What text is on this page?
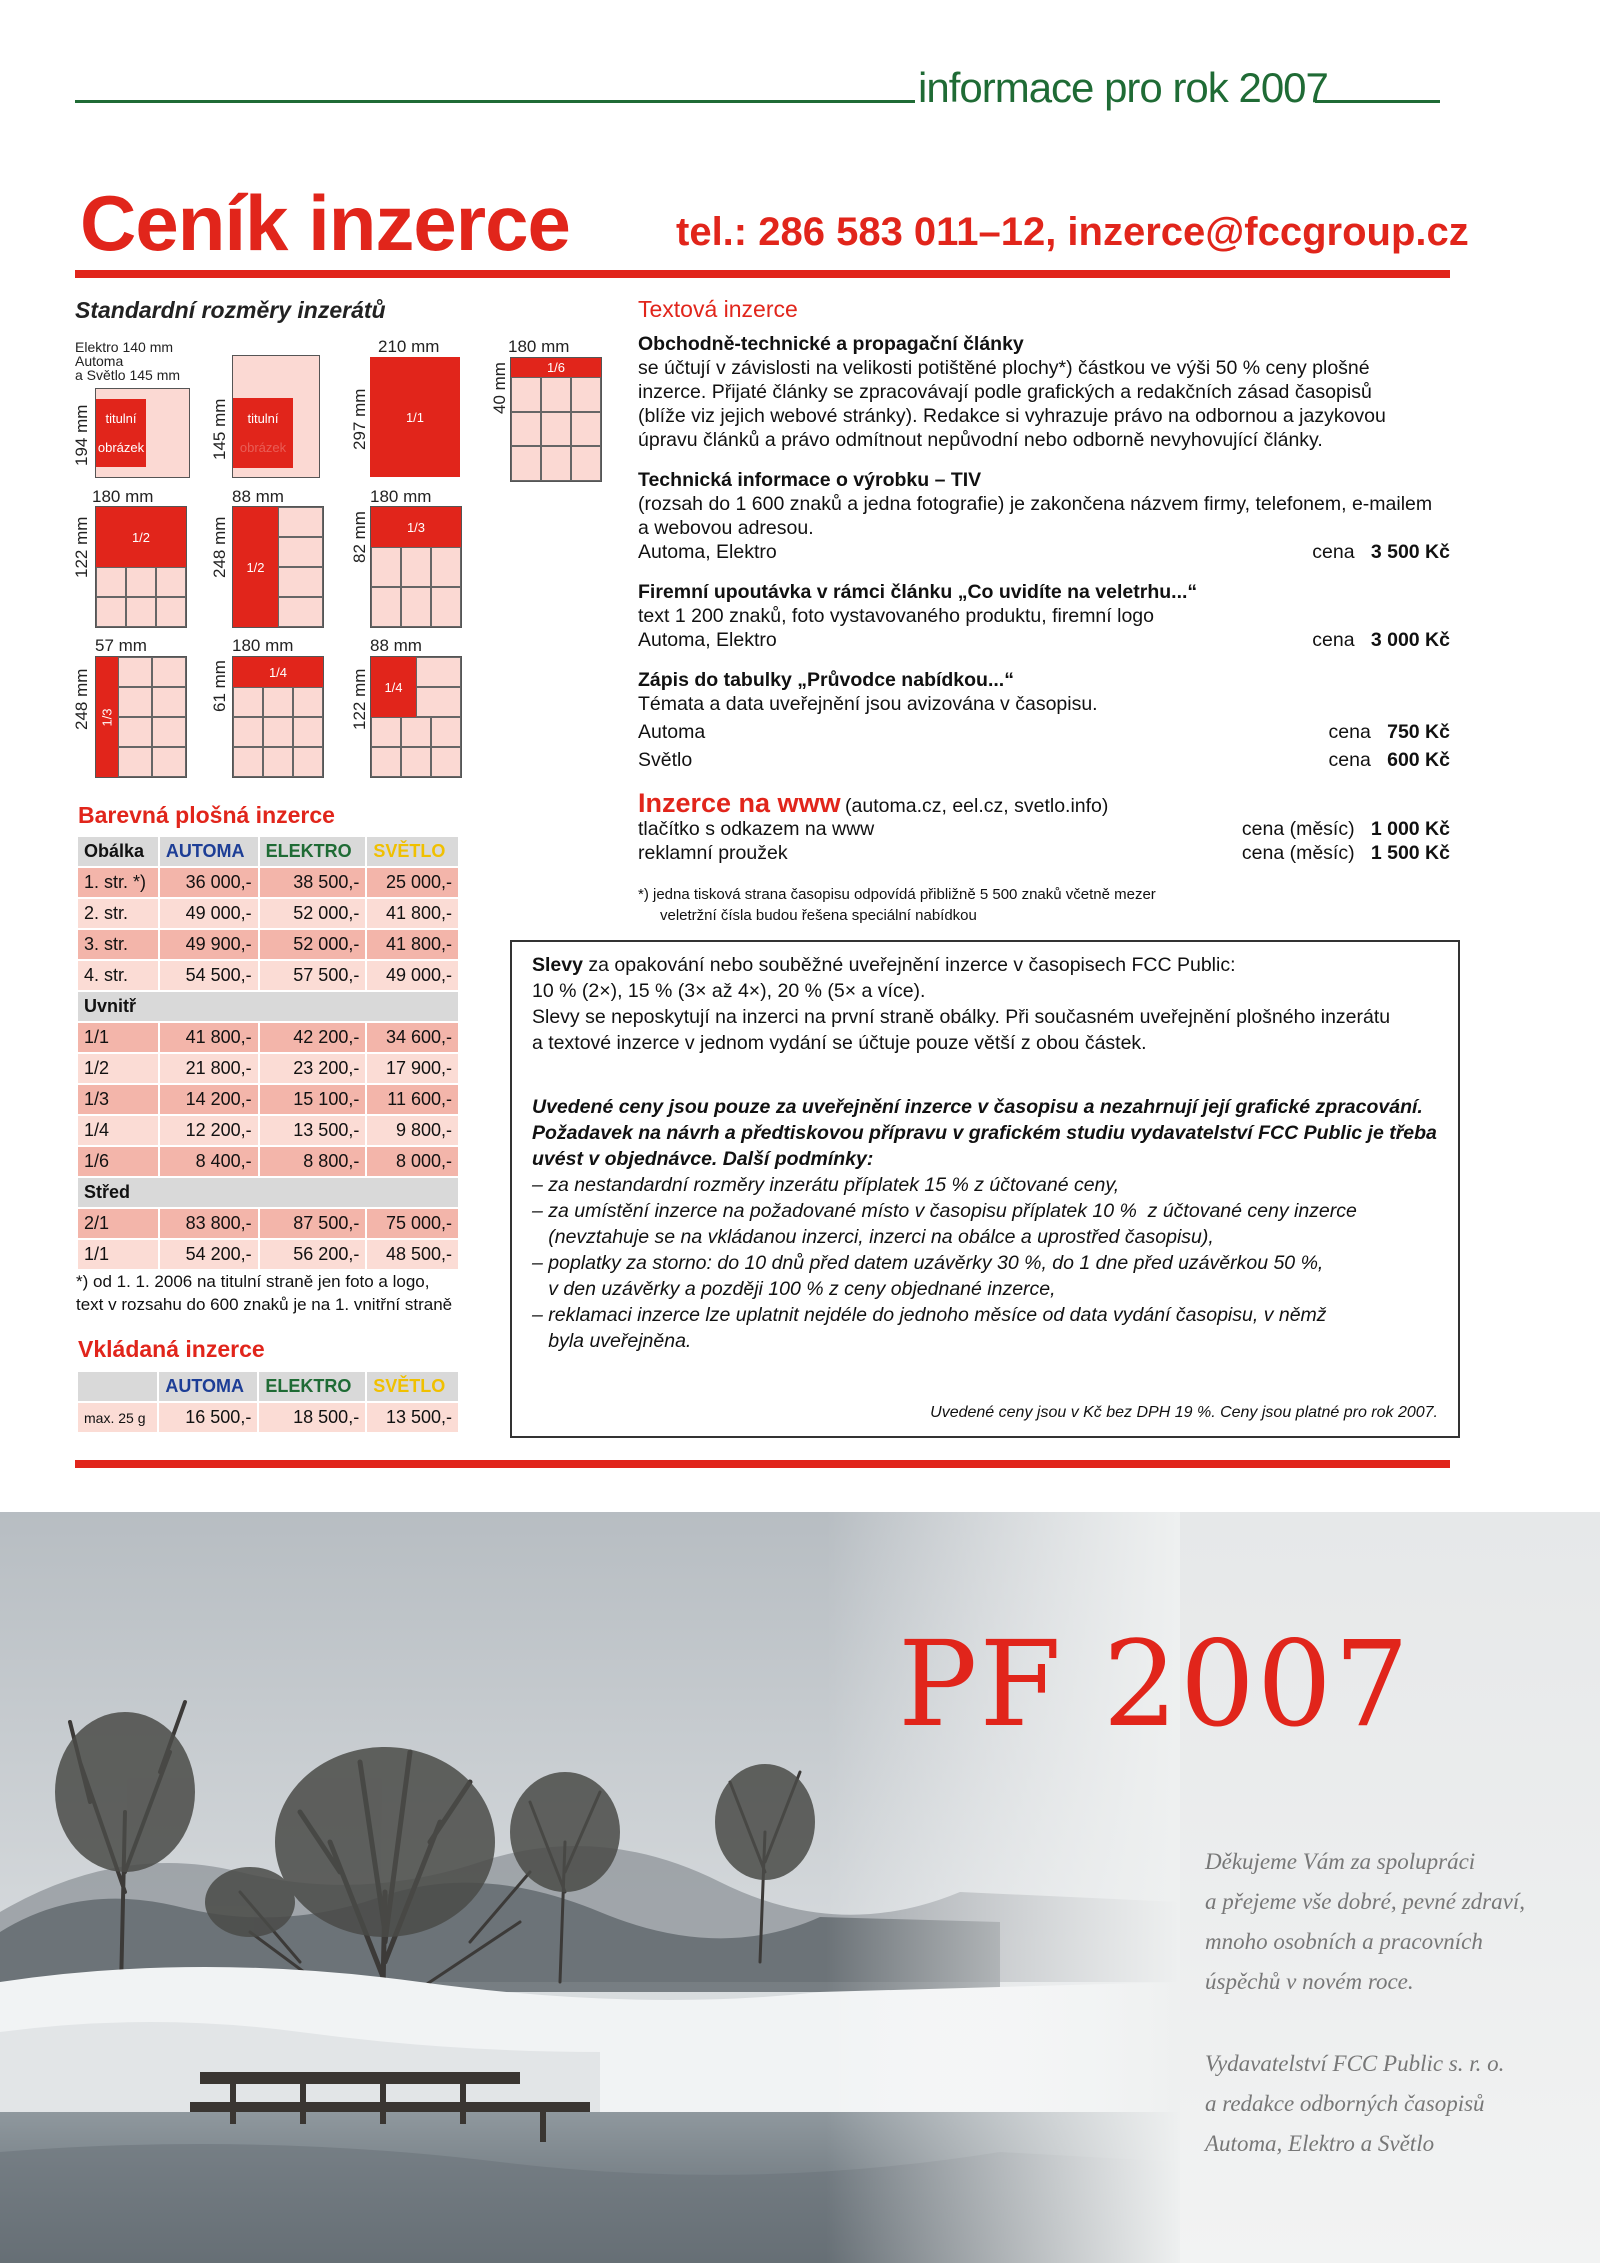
informace pro rok 2007
Ceník inzerce	tel.: 286 583 011–12, inzerce@fccgroup.cz
Standardní rozměry inzerátů
Elektro 140 mm
Automa
a Světlo 145 mm
194 mm titulní
obrázek	145 mm titulní
obrázek
210 mm
297 mm	1/1
180 mm
40 mm	1/6
180 mm
122 mm	1/2
88 mm
248 mm	1/2
180 mm
82 mm	1/3
57 mm
248 mm 1/3
180 mm
61 mm	1/4
88 mm
122 mm	1/4
Barevná plošná inzerce
Obálka	AUTOMA	ELEKTRO	SVĚTLO
1. str. *)	36 000,-	38 500,-	25 000,-
2. str.	49 000,-	52 000,-	41 800,-
3. str.	49 900,-	52 000,-	41 800,-
4. str.	54 500,-	57 500,-	49 000,-
Uvnitř			
1/1	41 800,-	42 200,-	34 600,-
1/2	21 800,-	23 200,-	17 900,-
1/3	14 200,-	15 100,-	11 600,-
1/4	12 200,-	13 500,-	9 800,-
1/6	8 400,-	8 800,-	8 000,-
Střed			
2/1	83 800,-	87 500,-	75 000,-
1/1	54 200,-	56 200,-	48 500,-
*) od 1. 1. 2006 na titulní straně jen foto a logo,
text v rozsahu do 600 znaků je na 1. vnitřní straně
Vkládaná inzerce
	AUTOMA	ELEKTRO	SVĚTLO
max. 25 g	16 500,-	18 500,-	13 500,-
Textová inzerce
Obchodně-technické a propagační články
se účtují v závislosti na velikosti potištěné plochy*) částkou ve výši 50 % ceny plošné
inzerce. Přijaté články se zpracovávají podle grafických a redakčních zásad časopisů
(blíže viz jejich webové stránky). Redakce si vyhrazuje právo na odbornou a jazykovou
úpravu článků a právo odmítnout nepůvodní nebo odborně nevyhovující články.
Technická informace o výrobku – TIV
(rozsah do 1 600 znaků a jedna fotografie) je zakončena názvem firmy, telefonem, e-mailem
a webovou adresou.
Automa, Elektro	cena 3 500 Kč
Firemní upoutávka v rámci článku „Co uvidíte na veletrhu...“
text 1 200 znaků, foto vystavovaného produktu, firemní logo
Automa, Elektro	cena 3 000 Kč
Zápis do tabulky „Průvodce nabídkou...“
Témata a data uveřejnění jsou avizována v časopisu.
Automa	cena 750 Kč
Světlo	cena 600 Kč
Inzerce na www (automa.cz, eel.cz, svetlo.info)
tlačítko s odkazem na www	cena (měsíc) 1 000 Kč
reklamní proužek	cena (měsíc) 1 500 Kč
*) jedna tisková strana časopisu odpovídá přibližně 5 500 znaků včetně mezer
veletržní čísla budou řešena speciální nabídkou
Slevy za opakování nebo souběžné uveřejnění inzerce v časopisech FCC Public:
10 % (2×), 15 % (3× až 4×), 20 % (5× a více).
Slevy se neposkytují na inzerci na první straně obálky. Při současném uveřejnění plošného inzerátu
a textové inzerce v jednom vydání se účtuje pouze větší z obou částek.
Uvedené ceny jsou pouze za uveřejnění inzerce v časopisu a nezahrnují její grafické zpracování.
Požadavek na návrh a předtiskovou přípravu v grafickém studiu vydavatelství FCC Public je třeba
uvést v objednávce. Další podmínky:
– za nestandardní rozměry inzerátu příplatek 15 % z účtované ceny,
– za umístění inzerce na požadované místo v časopisu příplatek 10 %  z účtované ceny inzerce
(nevztahuje se na vkládanou inzerci, inzerci na obálce a uprostřed časopisu),
– poplatky za storno: do 10 dnů před datem uzávěrky 30 %, do 1 dne před uzávěrkou 50 %,
v den uzávěrky a později 100 % z ceny objednané inzerce,
– reklamaci inzerce lze uplatnit nejdéle do jednoho měsíce od data vydání časopisu, v němž
byla uveřejněna.
Uvedené ceny jsou v Kč bez DPH 19 %. Ceny jsou platné pro rok 2007.
PF 2007
Děkujeme Vám za spolupráci
a přejeme vše dobré, pevné zdraví,
mnoho osobních a pracovních
úspěchů v novém roce.
Vydavatelství FCC Public s. r. o.
a redakce odborných časopisů
Automa, Elektro a Světlo
